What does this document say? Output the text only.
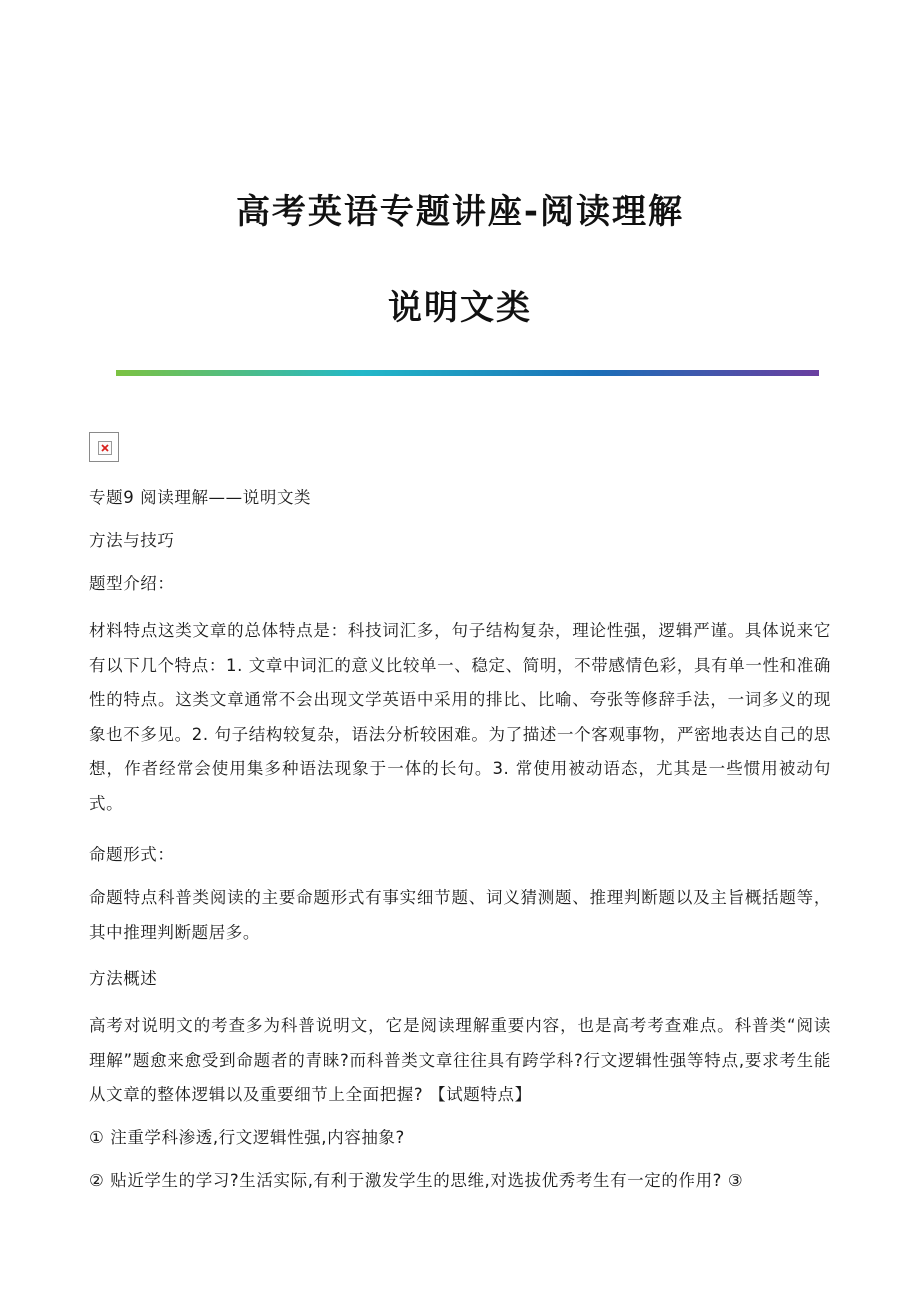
高考英语专题讲座-阅读理解
说明文类

专题9 阅读理解——说明文类

方法与技巧

题型介绍：

材料特点这类文章的总体特点是：科技词汇多，句子结构复杂，理论性强，逻辑严谨。具体说来它有以下几个特点：1. 文章中词汇的意义比较单一、稳定、简明，不带感情色彩，具有单一性和准确性的特点。这类文章通常不会出现文学英语中采用的排比、比喻、夸张等修辞手法，一词多义的现象也不多见。2. 句子结构较复杂，语法分析较困难。为了描述一个客观事物，严密地表达自己的思想，作者经常会使用集多种语法现象于一体的长句。3. 常使用被动语态，尤其是一些惯用被动句式。

命题形式：

命题特点科普类阅读的主要命题形式有事实细节题、词义猜测题、推理判断题以及主旨概括题等，其中推理判断题居多。

方法概述

高考对说明文的考查多为科普说明文，它是阅读理解重要内容，也是高考考查难点。科普类“阅读理解”题愈来愈受到命题者的青睐?而科普类文章往往具有跨学科?行文逻辑性强等特点,要求考生能从文章的整体逻辑以及重要细节上全面把握? 【试题特点】

① 注重学科渗透,行文逻辑性强,内容抽象?

② 贴近学生的学习?生活实际,有利于激发学生的思维,对选拔优秀考生有一定的作用? ③
